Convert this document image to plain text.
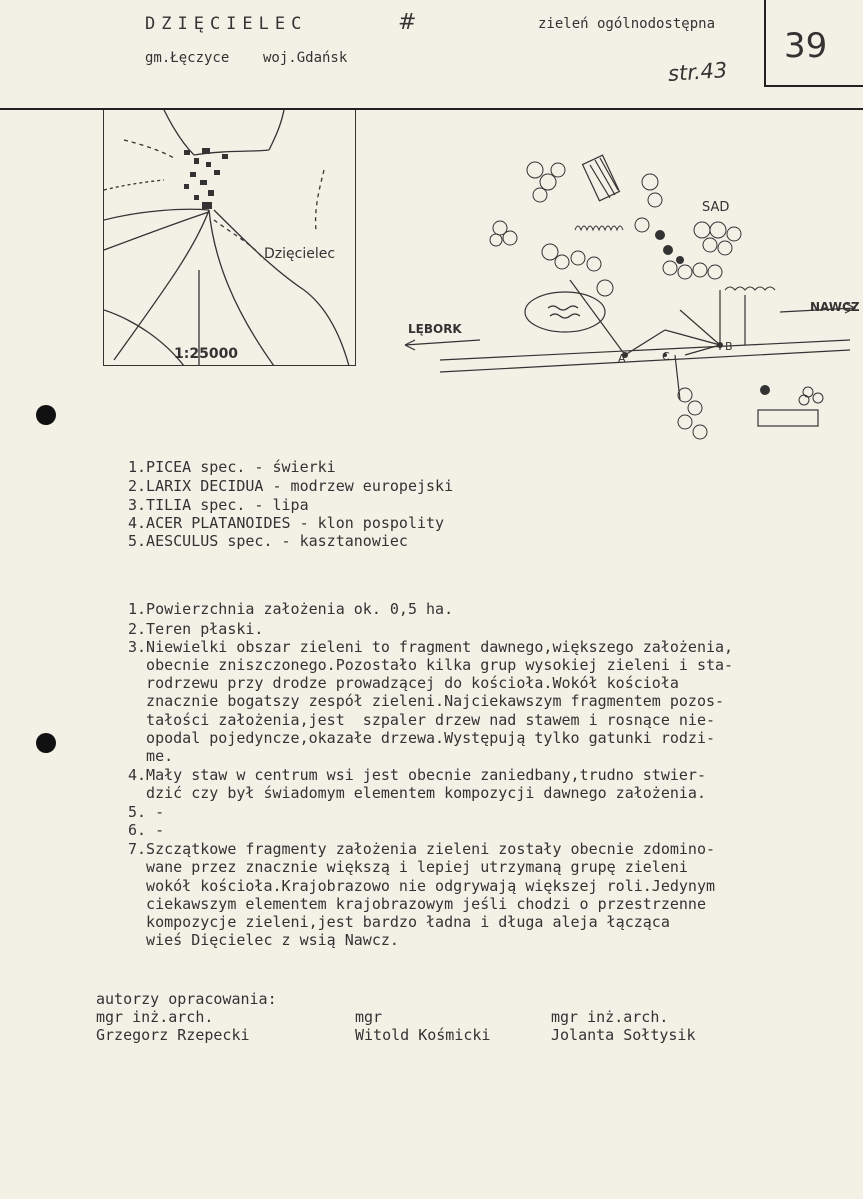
DZIĘCIELEC	#
gm.Łęczyce    woj.Gdańsk
zieleń ogólnodostępna
str.43
39
Dzięcielec
1:25000
SAD
LĘBORK
NAWCZ
A
B
C
1.PICEA spec. - świerki
2.LARIX DECIDUA - modrzew europejski
3.TILIA spec. - lipa
4.ACER PLATANOIDES - klon pospolity
5.AESCULUS spec. - kasztanowiec
1.Powierzchnia założenia ok. 0,5 ha.
2.Teren płaski.
3.Niewielki obszar zieleni to fragment dawnego,większego założenia,
obecnie zniszczonego.Pozostało kilka grup wysokiej zieleni i sta-
rodrzewu przy drodze prowadzącej do kościoła.Wokół kościoła
znacznie bogatszy zespół zieleni.Najciekawszym fragmentem pozos-
tałości założenia,jest  szpaler drzew nad stawem i rosnące nie-
opodal pojedyncze,okazałe drzewa.Występują tylko gatunki rodzi-
me.
4.Mały staw w centrum wsi jest obecnie zaniedbany,trudno stwier-
dzić czy był świadomym elementem kompozycji dawnego założenia.
5. -
6. -
7.Szczątkowe fragmenty założenia zieleni zostały obecnie zdomino-
wane przez znacznie większą i lepiej utrzymaną grupę zieleni
wokół kościoła.Krajobrazowo nie odgrywają większej roli.Jedynym
ciekawszym elementem krajobrazowym jeśli chodzi o przestrzenne
kompozycje zieleni,jest bardzo ładna i długa aleja łącząca
wieś Dięcielec z wsią Nawcz.
autorzy opracowania:
mgr inż.arch.
Grzegorz Rzepecki
mgr
Witold Kośmicki
mgr inż.arch.
Jolanta Sołtysik
